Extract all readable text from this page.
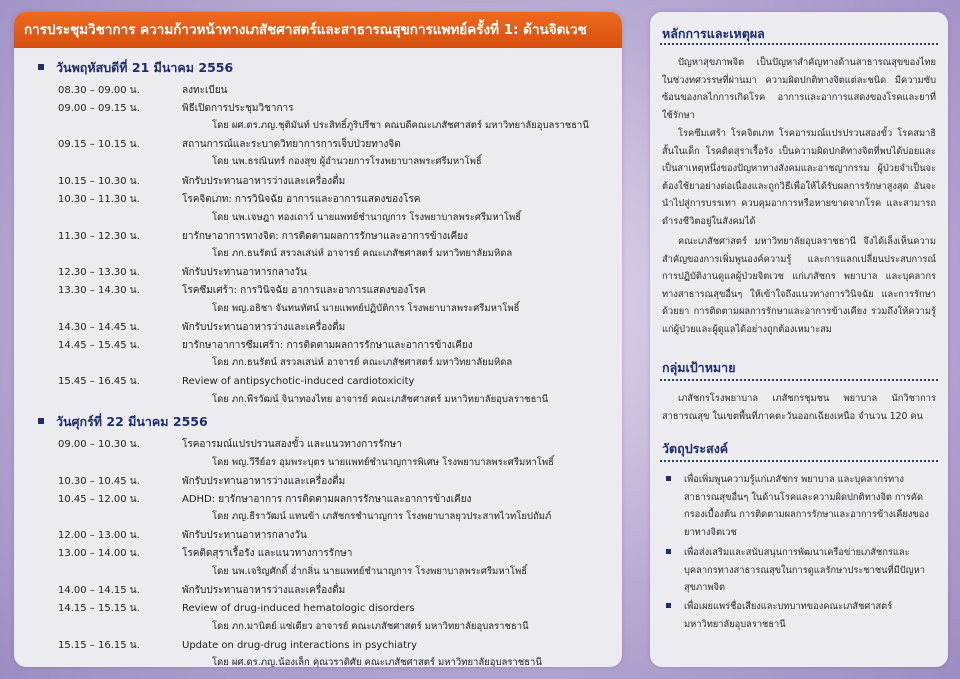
การประชุมวิชาการ ความก้าวหน้าทางเภสัชศาสตร์และสาธารณสุขการแพทย์ครั้งที่ 1: ด้านจิตเวช
วันพฤหัสบดีที่ 21 มีนาคม 2556
08.30 – 09.00 น.	ลงทะเบียน
09.00 – 09.15 น.	พิธีเปิดการประชุมวิชาการ
โดย ผศ.ดร.ภญ.ชุติมันท์ ประสิทธิ์ภูริปรีชา คณบดีคณะเภสัชศาสตร์ มหาวิทยาลัยอุบลราชธานี
09.15 – 10.15 น.	สถานการณ์และระบาดวิทยาการการเจ็บป่วยทางจิต
โดย นพ.ธรณินทร์ กองสุข ผู้อำนวยการโรงพยาบาลพระศรีมหาโพธิ์
10.15 – 10.30 น.	พักรับประทานอาหารว่างและเครื่องดื่ม
10.30 – 11.30 น.	โรคจิตเภท: การวินิจฉัย อาการและอาการแสดงของโรค
โดย นพ.เจษฎา ทองเถาว์ นายแพทย์ชำนาญการ โรงพยาบาลพระศรีมหาโพธิ์
11.30 – 12.30 น.	ยารักษาอาการทางจิต: การติดตามผลการรักษาและอาการข้างเคียง
โดย ภก.ธนรัตน์ สรวลเสน่ห์ อาจารย์ คณะเภสัชศาสตร์ มหาวิทยาลัยมหิดล
12.30 – 13.30 น.	พักรับประทานอาหารกลางวัน
13.30 – 14.30 น.	โรคซึมเศร้า: การวินิจฉัย อาการและอาการแสดงของโรค
โดย พญ.อธิชา จันทนทัศน์ นายแพทย์ปฏิบัติการ โรงพยาบาลพระศรีมหาโพธิ์
14.30 – 14.45 น.	พักรับประทานอาหารว่างและเครื่องดื่ม
14.45 – 15.45 น.	ยารักษาอาการซึมเศร้า: การติดตามผลการรักษาและอาการข้างเคียง
โดย ภก.ธนรัตน์ สรวลเสน่ห์ อาจารย์ คณะเภสัชศาสตร์ มหาวิทยาลัยมหิดล
15.45 – 16.45 น.	Review of antipsychotic-induced cardiotoxicity
โดย ภก.พีรวัฒน์ จินาทองไทย อาจารย์ คณะเภสัชศาสตร์ มหาวิทยาลัยอุบลราชธานี
วันศุกร์ที่ 22 มีนาคม 2556
09.00 – 10.30 น.	โรคอารมณ์แปรปรวนสองขั้ว และแนวทางการรักษา
โดย พญ.วีรีย์อร อุมพระบุตร นายแพทย์ชำนาญการพิเศษ โรงพยาบาลพระศรีมหาโพธิ์
10.30 – 10.45 น.	พักรับประทานอาหารว่างและเครื่องดื่ม
10.45 – 12.00 น.	ADHD: ยารักษาอาการ การติดตามผลการรักษาและอาการข้างเคียง
โดย ภญ.ธีราวัฒน์ แทนข้า เภสัชกรชำนาญการ โรงพยาบาลยุวประสาทไวทโยปถัมภ์
12.00 – 13.00 น.	พักรับประทานอาหารกลางวัน
13.00 – 14.00 น.	โรคติดสุราเรื้อรัง และแนวทางการรักษา
โดย นพ.เจริญศักดิ์ อ่ำกลิ่น นายแพทย์ชำนาญการ โรงพยาบาลพระศรีมหาโพธิ์
14.00 – 14.15 น.	พักรับประทานอาหารว่างและเครื่องดื่ม
14.15 – 15.15 น.	Review of drug-induced hematologic disorders
โดย ภก.มานิตย์ แซ่เตียว อาจารย์ คณะเภสัชศาสตร์ มหาวิทยาลัยอุบลราชธานี
15.15 – 16.15 น.	Update on drug-drug interactions in psychiatry
โดย ผศ.ดร.ภญ.น้องเล็ก คุณวราดิศัย คณะเภสัชศาสตร์ มหาวิทยาลัยอุบลราชธานี
หลักการและเหตุผล
ปัญหาสุขภาพจิต เป็นปัญหาสำคัญทางด้านสาธารณสุขของไทยในช่วงทศวรรษที่ผ่านมา ความผิดปกติทางจิตแต่ละชนิด มีความซับซ้อนของกลไกการเกิดโรค อาการและอาการแสดงของโรคและยาที่ใช้รักษา
โรคซึมเศร้า โรคจิตเภท โรคอารมณ์แปรปรวนสองขั้ว โรคสมาธิสั้นในเด็ก โรคติดสุราเรื้อรัง เป็นความผิดปกติทางจิตที่พบได้บ่อยและเป็นสาเหตุหนึ่งของปัญหาทางสังคมและอาชญากรรม ผู้ป่วยจำเป็นจะต้องใช้ยาอย่างต่อเนื่องและถูกวิธีเพื่อให้ได้รับผลการรักษาสูงสุด อันจะนำไปสู่การบรรเทา ควบคุมอาการหรือหายขาดจากโรค และสามารถดำรงชีวิตอยู่ในสังคมได้
คณะเภสัชศาสตร์ มหาวิทยาลัยอุบลราชธานี จึงได้เล็งเห็นความสำคัญของการเพิ่มพูนองค์ความรู้ และการแลกเปลี่ยนประสบการณ์การปฏิบัติงานดูแลผู้ป่วยจิตเวช แก่เภสัชกร พยาบาล และบุคลากรทางสาธารณสุขอื่นๆ ให้เข้าใจถึงแนวทางการวินิจฉัย และการรักษาด้วยยา การติดตามผลการรักษาและอาการข้างเคียง รวมถึงให้ความรู้แก่ผู้ป่วยและผู้ดูแลได้อย่างถูกต้องเหมาะสม
กลุ่มเป้าหมาย
เภสัชกรโรงพยาบาล เภสัชกรชุมชน พยาบาล นักวิชาการสาธารณสุข ในเขตพื้นที่ภาคตะวันออกเฉียงเหนือ จำนวน 120 คน
วัตถุประสงค์
เพื่อเพิ่มพูนความรู้แก่เภสัชกร พยาบาล และบุคลากรทางสาธารณสุขอื่นๆ ในด้านโรคและความผิดปกติทางจิต การคัดกรองเบื้องต้น การติดตามผลการรักษาและอาการข้างเคียงของยาทางจิตเวช
เพื่อส่งเสริมและสนับสนุนการพัฒนาเครือข่ายเภสัชกรและบุคลากรทางสาธารณสุขในการดูแลรักษาประชาชนที่มีปัญหาสุขภาพจิต
เพื่อเผยแพร่ชื่อเสียงและบทบาทของคณะเภสัชศาสตร์ มหาวิทยาลัยอุบลราชธานี
